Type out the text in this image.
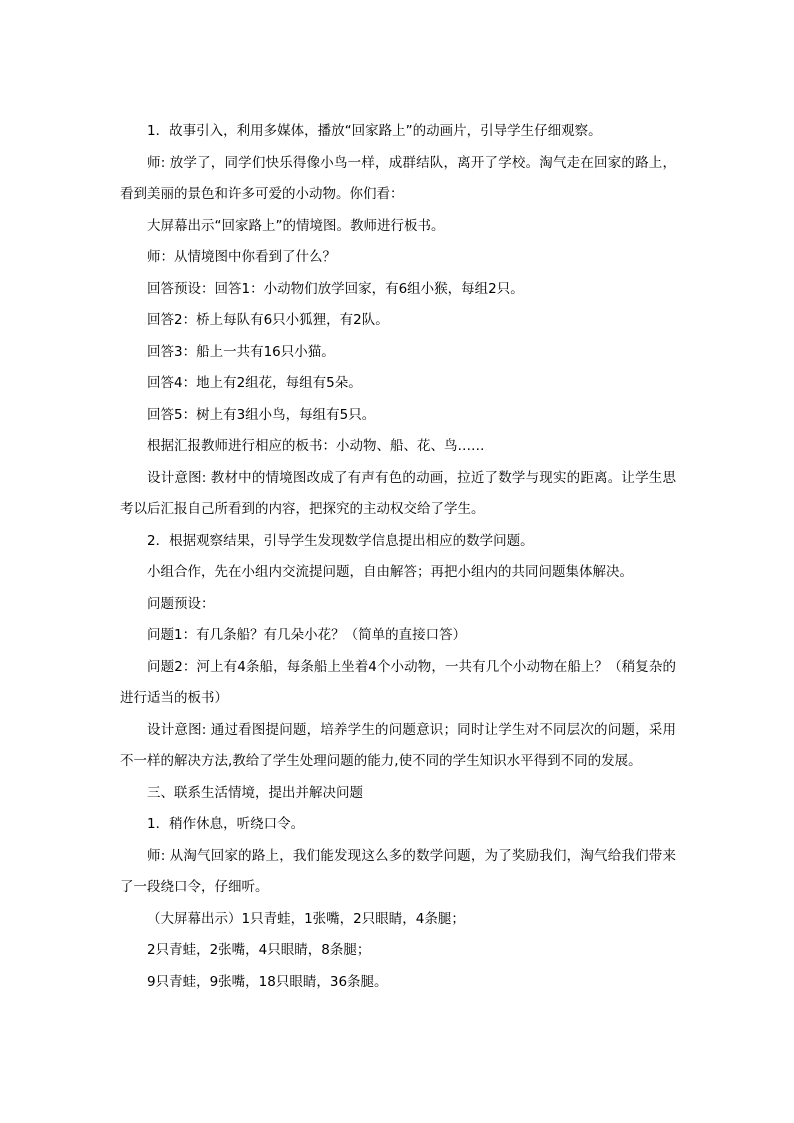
1．故事引入，利用多媒体，播放“回家路上”的动画片，引导学生仔细观察。

师: 放学了，同学们快乐得像小鸟一样，成群结队，离开了学校。淘气走在回家的路上，看到美丽的景色和许多可爱的小动物。你们看：

大屏幕出示“回家路上”的情境图。教师进行板书。

师：从情境图中你看到了什么？

回答预设：回答1：小动物们放学回家，有6组小猴，每组2只。

回答2：桥上每队有6只小狐狸，有2队。

回答3：船上一共有16只小猫。

回答4：地上有2组花，每组有5朵。

回答5：树上有3组小鸟，每组有5只。

根据汇报教师进行相应的板书：小动物、船、花、鸟……

设计意图: 教材中的情境图改成了有声有色的动画，拉近了数学与现实的距离。让学生思考以后汇报自己所看到的内容，把探究的主动权交给了学生。

2．根据观察结果，引导学生发现数学信息提出相应的数学问题。

小组合作，先在小组内交流提问题，自由解答；再把小组内的共同问题集体解决。

问题预设：

问题1：有几条船？有几朵小花？（简单的直接口答）

问题2：河上有4条船，每条船上坐着4个小动物，一共有几个小动物在船上？（稍复杂的进行适当的板书）

设计意图: 通过看图提问题，培养学生的问题意识；同时让学生对不同层次的问题，采用不一样的解决方法,教给了学生处理问题的能力,使不同的学生知识水平得到不同的发展。

三、联系生活情境，提出并解决问题

1．稍作休息，听绕口令。

师: 从淘气回家的路上，我们能发现这么多的数学问题，为了奖励我们，淘气给我们带来了一段绕口令，仔细听。

（大屏幕出示）1只青蛙，1张嘴，2只眼睛，4条腿；

2只青蛙，2张嘴，4只眼睛，8条腿；

9只青蛙，9张嘴，18只眼睛，36条腿。
